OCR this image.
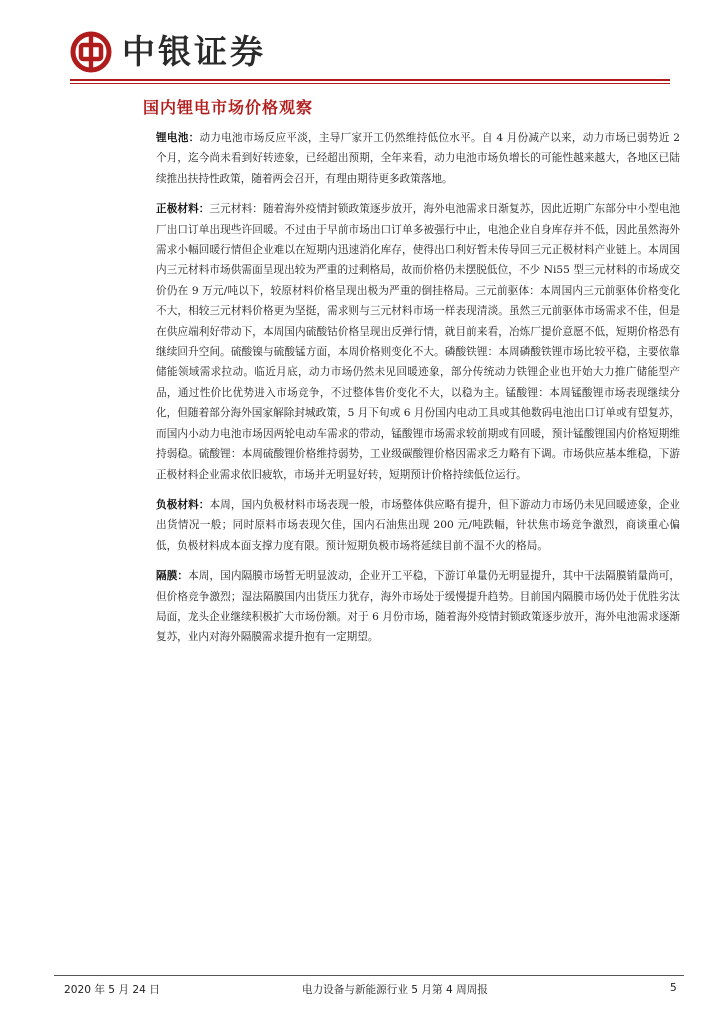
中银证券
国内锂电市场价格观察

锂电池：动力电池市场反应平淡，主导厂家开工仍然维持低位水平。自 4 月份减产以来，动力市场已弱势近 2 个月，迄今尚未看到好转迹象，已经超出预期，全年来看，动力电池市场负增长的可能性越来越大，各地区已陆续推出扶持性政策，随着两会召开，有理由期待更多政策落地。

正极材料：三元材料：随着海外疫情封锁政策逐步放开，海外电池需求日渐复苏，因此近期广东部分中小型电池厂出口订单出现些许回暖。不过由于早前市场出口订单多被强行中止，电池企业自身库存并不低，因此虽然海外需求小幅回暖行情但企业难以在短期内迅速消化库存，使得出口利好暂未传导回三元正极材料产业链上。本周国内三元材料市场供需面呈现出较为严重的过剩格局，故而价格仍未摆脱低位，不少 Ni55 型三元材料的市场成交价仍在 9 万元/吨以下，较原材料价格呈现出极为严重的倒挂格局。三元前驱体：本周国内三元前驱体价格变化不大，相较三元材料价格更为坚挺，需求则与三元材料市场一样表现清淡。虽然三元前驱体市场需求不佳，但是在供应端利好带动下，本周国内硫酸钴价格呈现出反弹行情，就目前来看，冶炼厂提价意愿不低，短期价格恐有继续回升空间。硫酸镍与硫酸锰方面，本周价格则变化不大。磷酸铁锂：本周磷酸铁锂市场比较平稳，主要依靠储能领域需求拉动。临近月底，动力市场仍然未见回暖迹象，部分传统动力铁锂企业也开始大力推广储能型产品，通过性价比优势进入市场竞争，不过整体售价变化不大，以稳为主。锰酸锂：本周锰酸锂市场表现继续分化，但随着部分海外国家解除封城政策，5 月下旬或 6 月份国内电动工具或其他数码电池出口订单或有望复苏，而国内小动力电池市场因两轮电动车需求的带动，锰酸锂市场需求较前期或有回暖，预计锰酸锂国内价格短期维持弱稳。硫酸锂：本周硫酸锂价格维持弱势，工业级碳酸锂价格因需求乏力略有下调。市场供应基本维稳，下游正极材料企业需求依旧疲软，市场并无明显好转，短期预计价格持续低位运行。

负极材料：本周，国内负极材料市场表现一般，市场整体供应略有提升，但下游动力市场仍未见回暖迹象，企业出货情况一般；同时原料市场表现欠佳，国内石油焦出现 200 元/吨跌幅，针状焦市场竞争激烈，商谈重心偏低，负极材料成本面支撑力度有限。预计短期负极市场将延续目前不温不火的格局。

隔膜：本周，国内隔膜市场暂无明显波动，企业开工平稳，下游订单量仍无明显提升，其中干法隔膜销量尚可，但价格竞争激烈；湿法隔膜国内出货压力犹存，海外市场处于缓慢提升趋势。目前国内隔膜市场仍处于优胜劣汰局面，龙头企业继续积极扩大市场份额。对于 6 月份市场，随着海外疫情封锁政策逐步放开，海外电池需求逐渐复苏，业内对海外隔膜需求提升抱有一定期望。

2020 年 5 月 24 日	电力设备与新能源行业 5 月第 4 周周报	5
